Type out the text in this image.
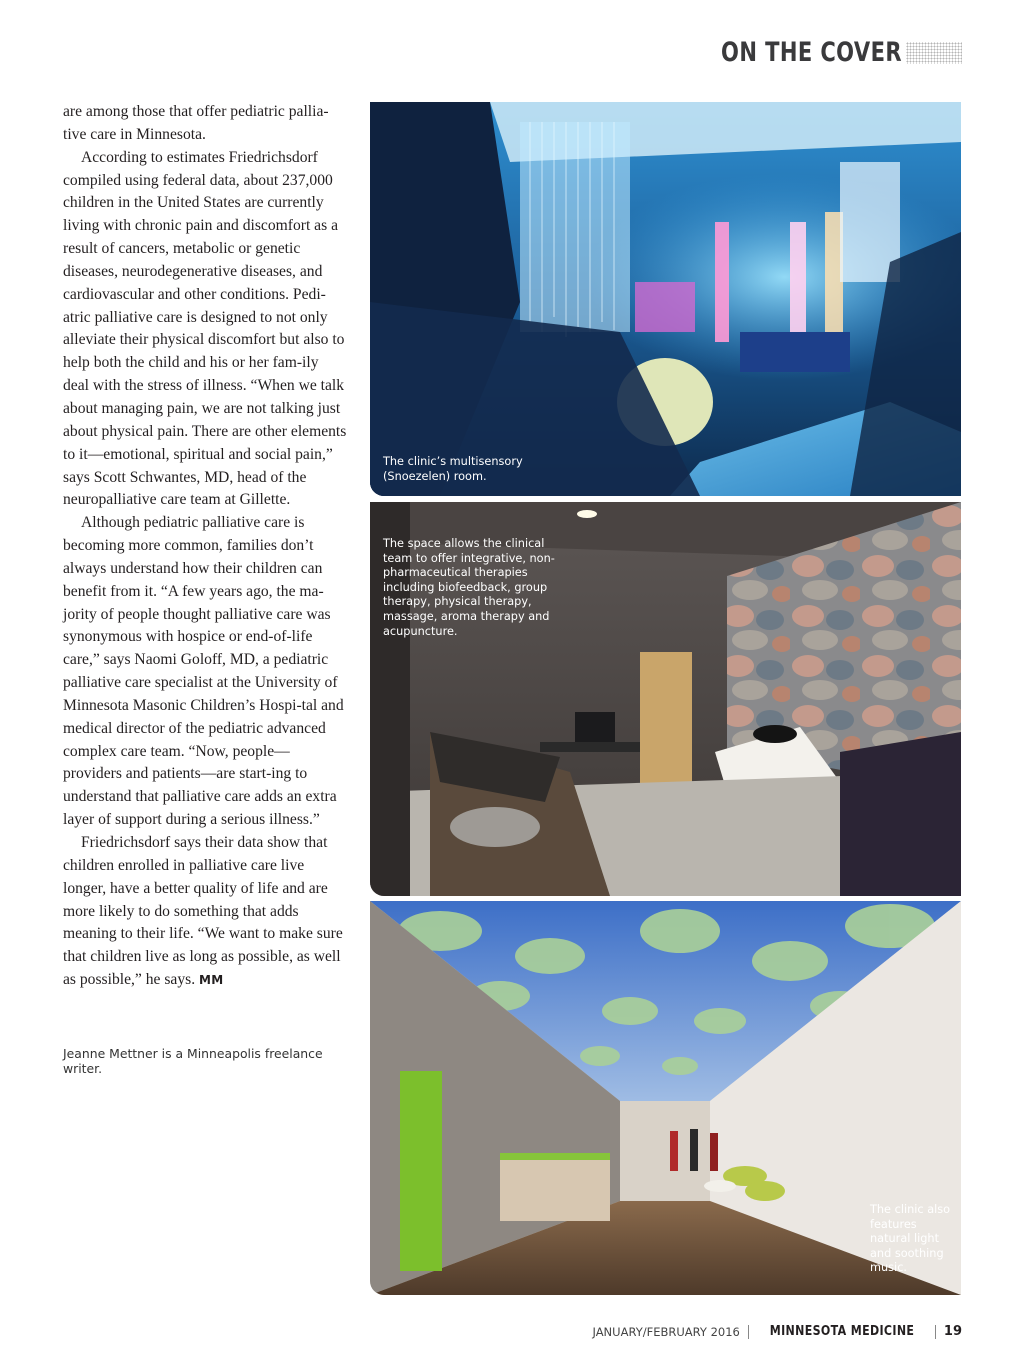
ON THE COVER

are among those that offer pediatric pallia-tive care in Minnesota.

According to estimates Friedrichsdorf compiled using federal data, about 237,000 children in the United States are currently living with chronic pain and discomfort as a result of cancers, metabolic or genetic diseases, neurodegenerative diseases, and cardiovascular and other conditions. Pedi-atric palliative care is designed to not only alleviate their physical discomfort but also to help both the child and his or her fam-ily deal with the stress of illness. “When we talk about managing pain, we are not talking just about physical pain. There are other elements to it—emotional, spiritual and social pain,” says Scott Schwantes, MD, head of the neuropalliative care team at Gillette.

Although pediatric palliative care is becoming more common, families don’t always understand how their children can benefit from it. “A few years ago, the ma-jority of people thought palliative care was synonymous with hospice or end-of-life care,” says Naomi Goloff, MD, a pediatric palliative care specialist at the University of Minnesota Masonic Children’s Hospi-tal and medical director of the pediatric advanced complex care team. “Now, people—providers and patients—are start-ing to understand that palliative care adds an extra layer of support during a serious illness.”

Friedrichsdorf says their data show that children enrolled in palliative care live longer, have a better quality of life and are more likely to do something that adds meaning to their life. “We want to make sure that children live as long as possible, as well as possible,” he says. MM

Jeanne Mettner is a Minneapolis freelance writer.
The clinic’s multisensory (Snoezelen) room.
The space allows the clinical team to offer integrative, non-pharmaceutical therapies including biofeedback, group therapy, physical therapy, massage, aroma therapy and acupuncture.
The clinic also features natural light and soothing music.
JANUARY/FEBRUARY 2016 MINNESOTA MEDICINE 19
